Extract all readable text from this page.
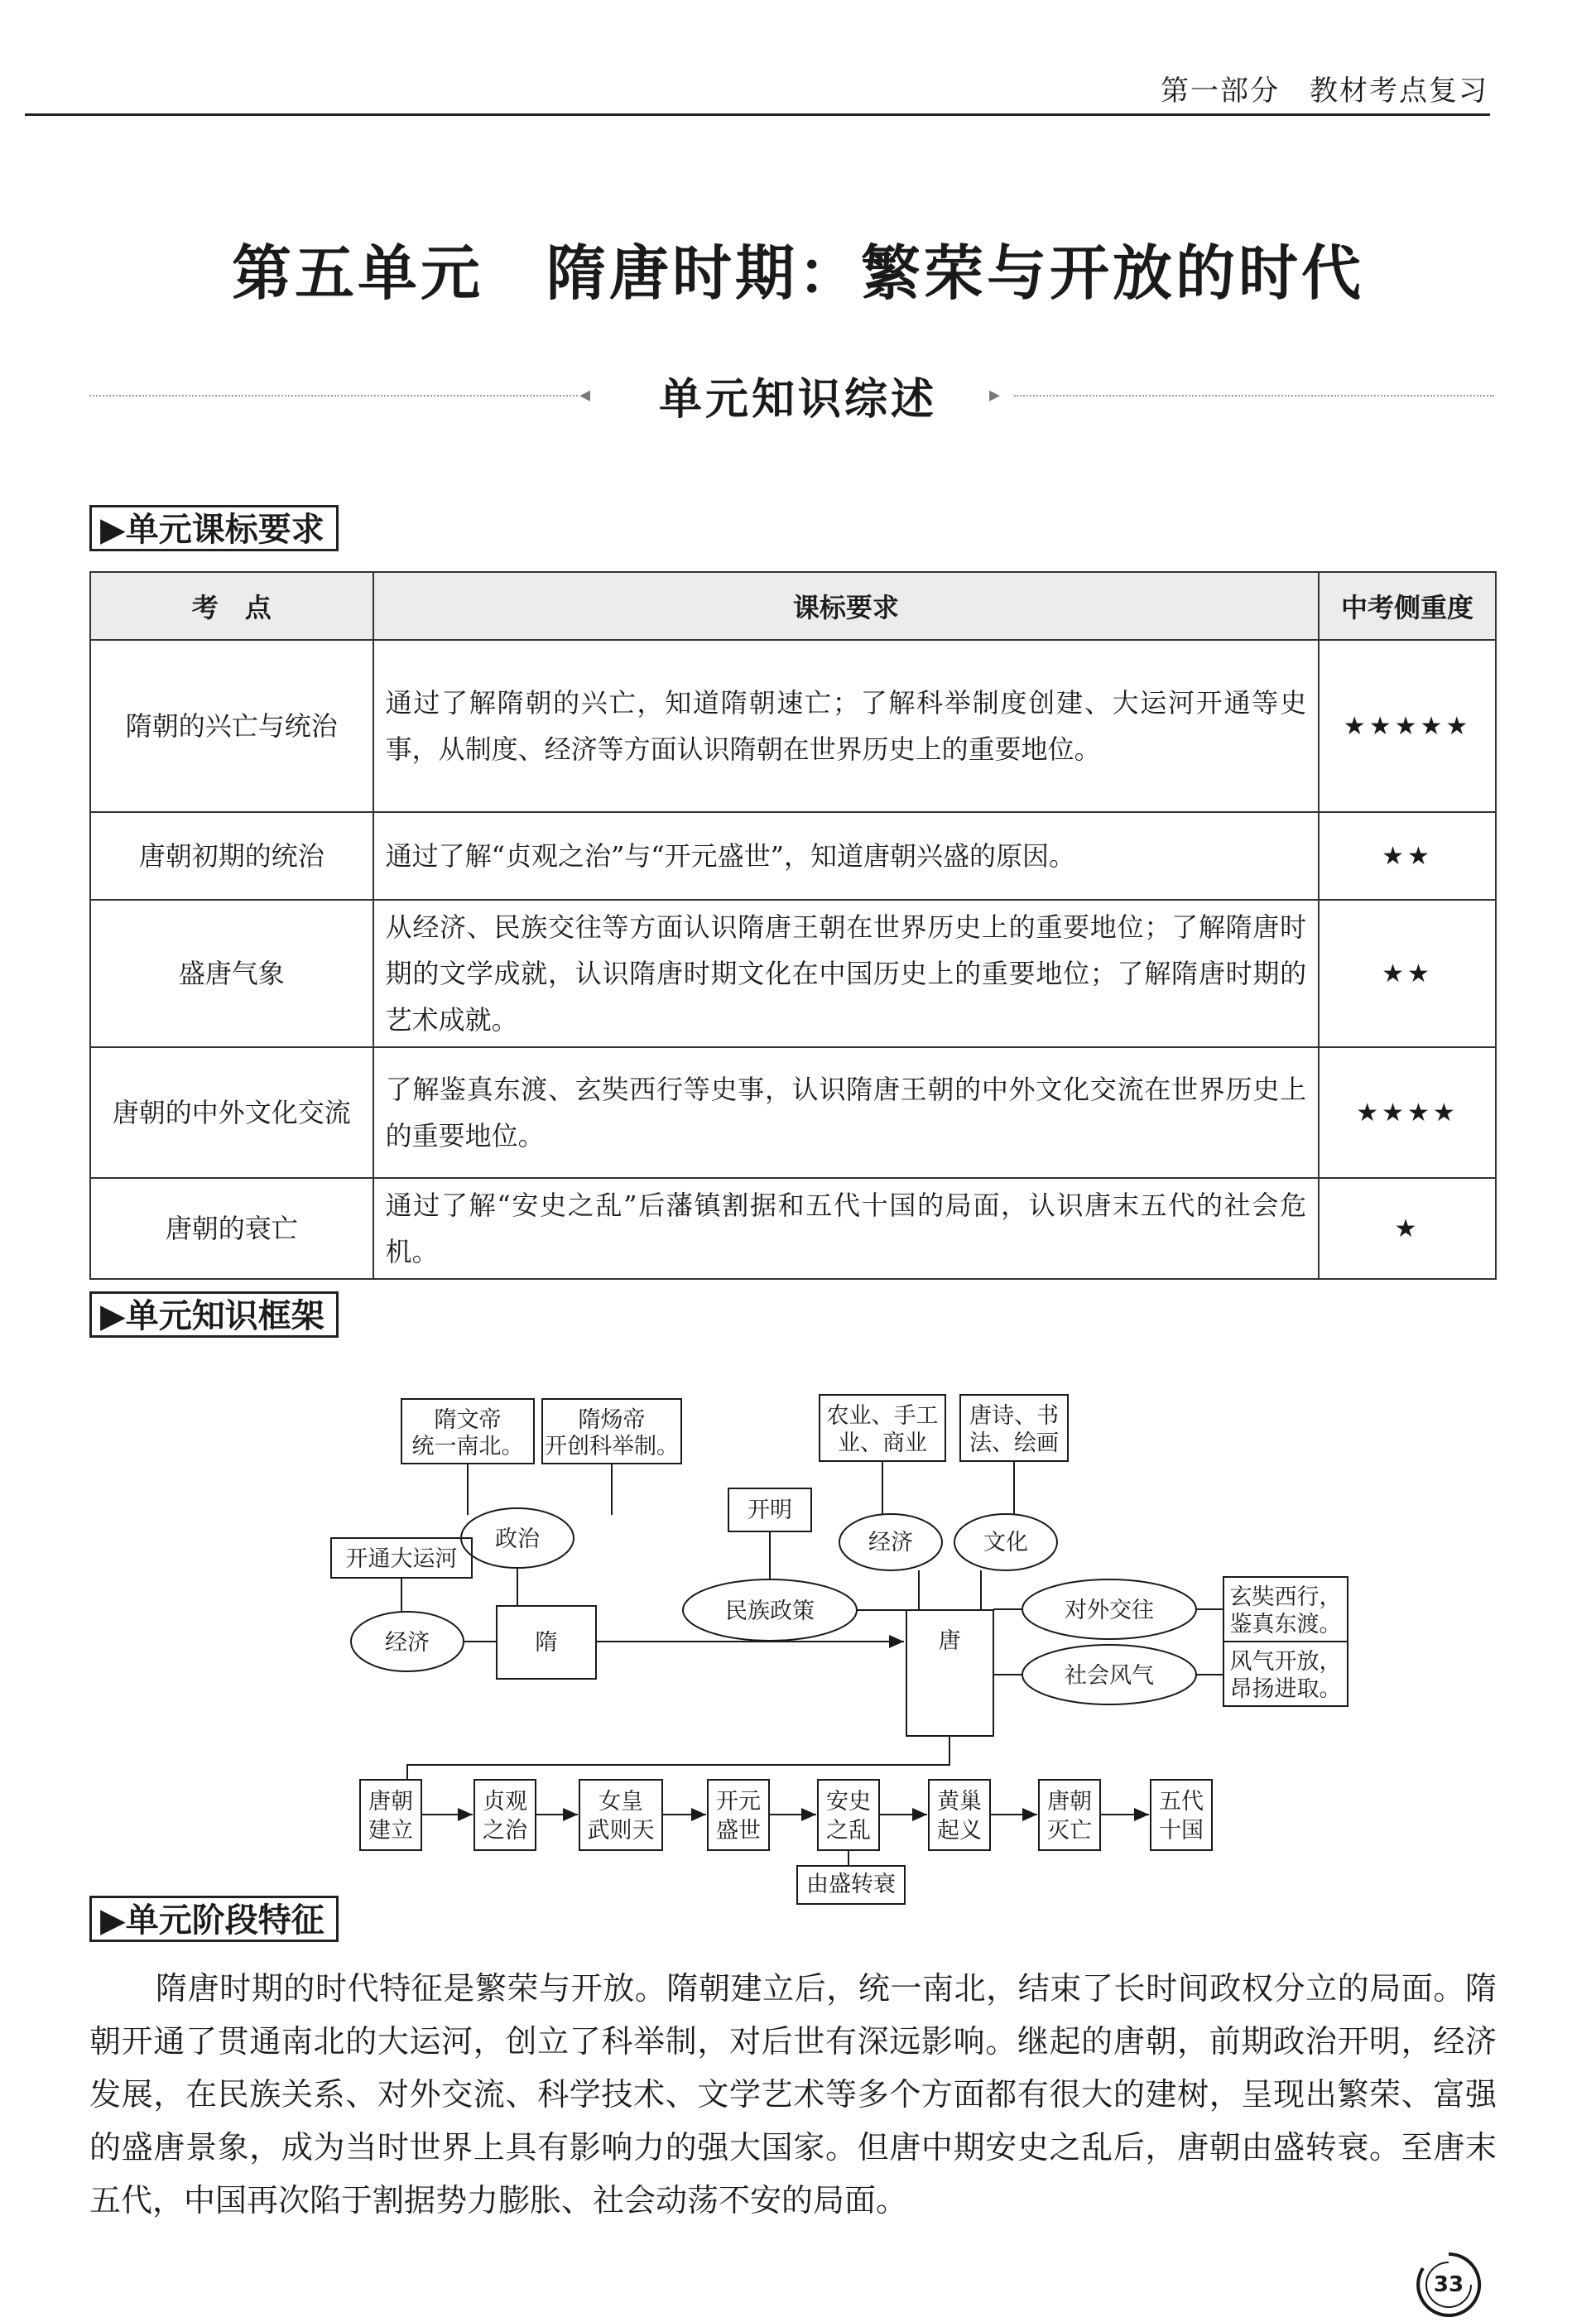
第一部分　教材考点复习
第五单元　隋唐时期：繁荣与开放的时代
◂	单元知识综述	▸
▶单元课标要求
考　点	课标要求	中考侧重度
隋朝的兴亡与统治	通过了解隋朝的兴亡，知道隋朝速亡；了解科举制度创建、大运河开通等史事，从制度、经济等方面认识隋朝在世界历史上的重要地位。	★★★★★
唐朝初期的统治	通过了解“贞观之治”与“开元盛世”，知道唐朝兴盛的原因。	★★
盛唐气象	从经济、民族交往等方面认识隋唐王朝在世界历史上的重要地位；了解隋唐时期的文学成就，认识隋唐时期文化在中国历史上的重要地位；了解隋唐时期的艺术成就。	★★
唐朝的中外文化交流	了解鉴真东渡、玄奘西行等史事，认识隋唐王朝的中外文化交流在世界历史上的重要地位。	★★★★
唐朝的衰亡	通过了解“安史之乱”后藩镇割据和五代十国的局面，认识唐末五代的社会危机。	★
▶单元知识框架
隋文帝
统一南北。
隋炀帝
开创科举制。
政治
开通大运河
经济	隋
开明
民族政策
唐
农业、手工
业、商业
唐诗、书
法、绘画
经济	文化
对外交往
玄奘西行，
鉴真东渡。
社会风气
风气开放，
昂扬进取。
唐朝
建立
贞观
之治
女皇
武则天
开元
盛世
安史
之乱
黄巢
起义
唐朝
灭亡
五代
十国
由盛转衰
▶单元阶段特征

隋唐时期的时代特征是繁荣与开放。隋朝建立后，统一南北，结束了长时间政权分立的局面。隋朝开通了贯通南北的大运河，创立了科举制，对后世有深远影响。继起的唐朝，前期政治开明，经济发展，在民族关系、对外交流、科学技术、文学艺术等多个方面都有很大的建树，呈现出繁荣、富强的盛唐景象，成为当时世界上具有影响力的强大国家。但唐中期安史之乱后，唐朝由盛转衰。至唐末五代，中国再次陷于割据势力膨胀、社会动荡不安的局面。

33
